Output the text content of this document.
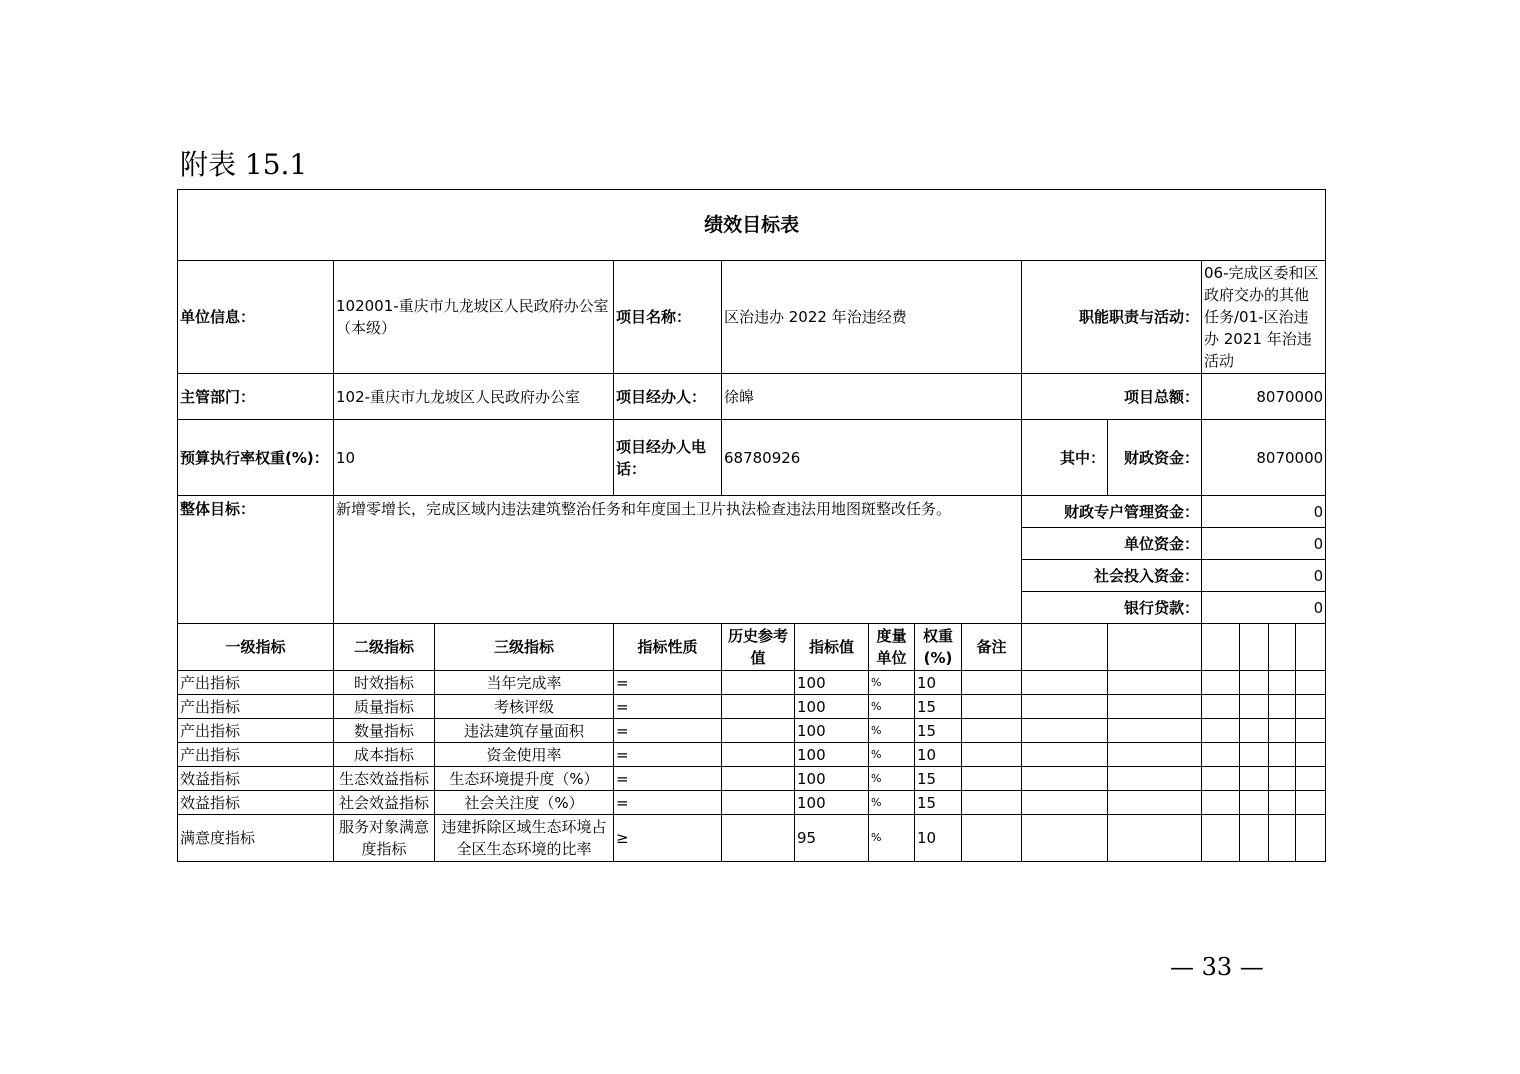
附表 15.1
绩效目标表														
单位信息：	102001-重庆市九龙坡区人民政府办公室（本级）		项目名称：	区治违办 2022 年治违经费					职能职责与活动：		06-完成区委和区政府交办的其他任务/01-区治违办 2021 年治违活动			
主管部门：	102-重庆市九龙坡区人民政府办公室		项目经办人：	徐皞					项目总额：		8070000			
预算执行率权重(%)：	10		项目经办人电话：	68780926					其中：	财政资金：	8070000			
整体目标：	新增零增长，完成区域内违法建筑整治任务和年度国土卫片执法检查违法用地图斑整改任务。								财政专户管理资金：		0			
									单位资金：		0			
									社会投入资金：		0			
									银行贷款：		0			
一级指标	二级指标	三级指标	指标性质	历史参考值	指标值	度量单位	权重(%)	备注						
产出指标	时效指标	当年完成率	=		100	%	10							
产出指标	质量指标	考核评级	=		100	%	15							
产出指标	数量指标	违法建筑存量面积	=		100	%	15							
产出指标	成本指标	资金使用率	=		100	%	10							
效益指标	生态效益指标	生态环境提升度（%）	=		100	%	15							
效益指标	社会效益指标	社会关注度（%）	=		100	%	15							
满意度指标	服务对象满意度指标	违建拆除区域生态环境占全区生态环境的比率	≥		95	%	10							
— 33 —
